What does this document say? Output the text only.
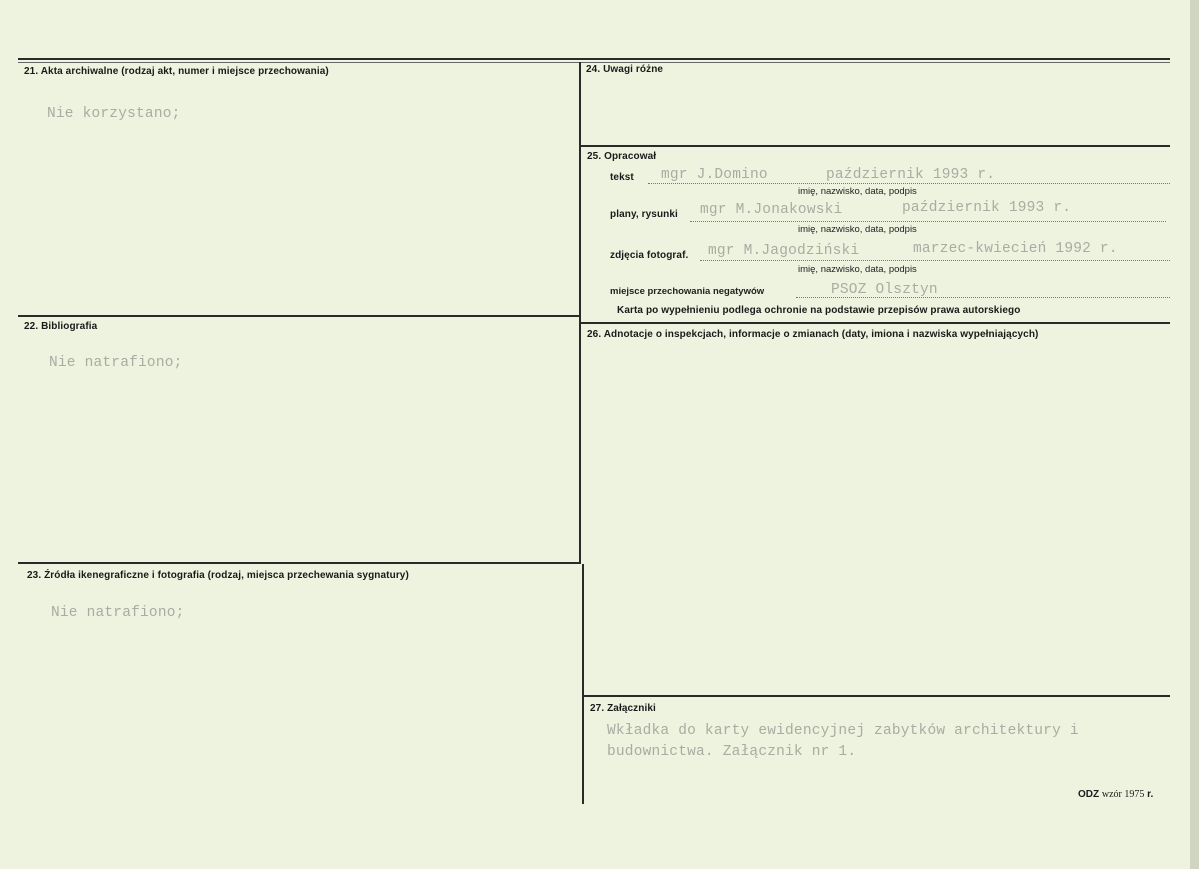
21. Akta archiwalne (rodzaj akt, numer i miejsce przechowania)
Nie korzystano;
22. Bibliografia
Nie natrafiono;
23. Źródła ikenegraficzne i fotografia (rodzaj, miejsca przechewania sygnatury)
Nie natrafiono;
24. Uwagi różne
25. Opracował
tekst mgr J.Domino	październik 1993 r.
imię, nazwisko, data, podpis
plany, rysunki mgr M.Jonakowski	październik 1993 r.
imię, nazwisko, data, podpis
zdjęcia fotograf. mgr M.Jagodziński	marzec-kwiecień 1992 r.
imię, nazwisko, data, podpis
miejsce przechowania negatywów	PSOZ Olsztyn
Karta po wypełnieniu podlega ochronie na podstawie przepisów prawa autorskiego
26. Adnotacje o inspekcjach, informacje o zmianach (daty, imiona i nazwiska wypełniających)
27. Załączniki
Wkładka do karty ewidencyjnej zabytków architektury i
budownictwa. Załącznik nr 1.
ODZ wzór 1975 r.
